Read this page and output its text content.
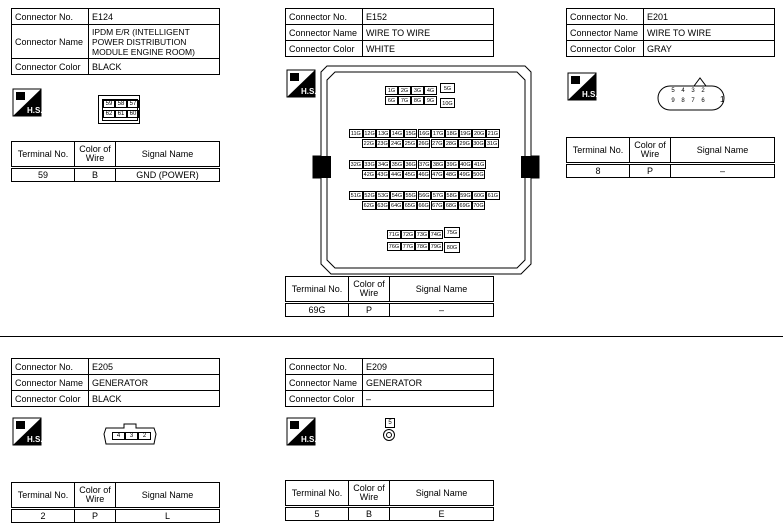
Connector No.	E124
Connector Name	IPDM E/R (INTELLIGENT POWER DISTRIBUTION MODULE ENGINE ROOM)
Connector Color	BLACK
H.S.
59 58 57
62 61 60
Terminal No.	Color of Wire	Signal Name
59	B	GND (POWER)
Connector No.	E152
Connector Name	WIRE TO WIRE
Connector Color	WHITE
H.S.	1G	2G	3G	4G
6G	7G	8G	9G
5G
10G
11G 12G 13G 14G 15G 16G 17G 18G 19G 20G 21G
22G 23G 24G 25G 26G 27G 28G 29G 30G 31G
32G 33G 34G 35G 36G 37G 38G 39G 40G 41G
42G 43G 44G 45G 46G 47G 48G 49G 50G
51G 52G 53G 54G 55G 56G 57G 58G 59G 60G 61G
62G 63G 64G 65G 66G 67G 68G 69G 70G
71G 72G 73G 74G
76G 77G 78G 79G
75G
80G
Terminal No.	Color of Wire	Signal Name
69G	P	–
Connector No.	E201
Connector Name	WIRE TO WIRE
Connector Color	GRAY
H.S.
1
5	4	3	2
9	8	7	6
Terminal No.	Color of Wire	Signal Name
8	P	–
Connector No.	E205
Connector Name	GENERATOR
Connector Color	BLACK
H.S.	4	3	2
Terminal No.	Color of Wire	Signal Name
2	P	L
Connector No.	E209
Connector Name	GENERATOR
Connector Color	–
H.S.
5
Terminal No.	Color of Wire	Signal Name
5	B	E
